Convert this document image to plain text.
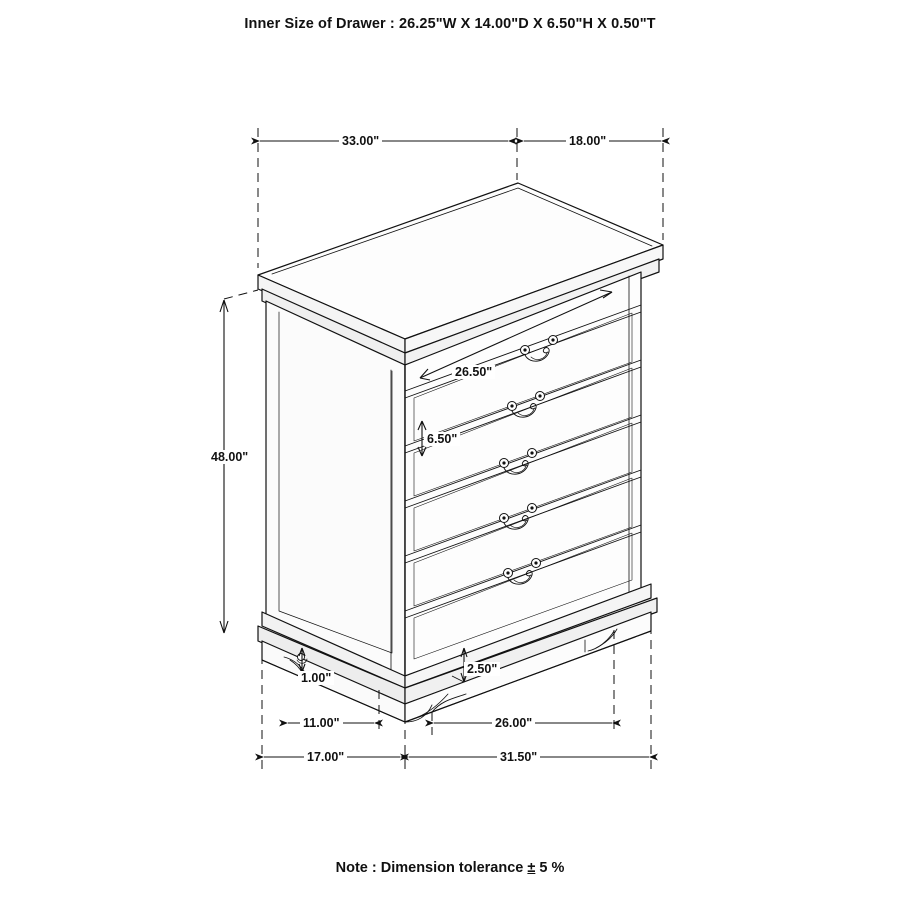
Inner Size of Drawer : 26.25"W X 14.00"D X 6.50"H X 0.50"T
33.00"	18.00"
48.00"
26.50"
6.50"
1.00"
2.50"
11.00"	26.00"
17.00"	31.50"
Note : Dimension tolerance ± 5 %
